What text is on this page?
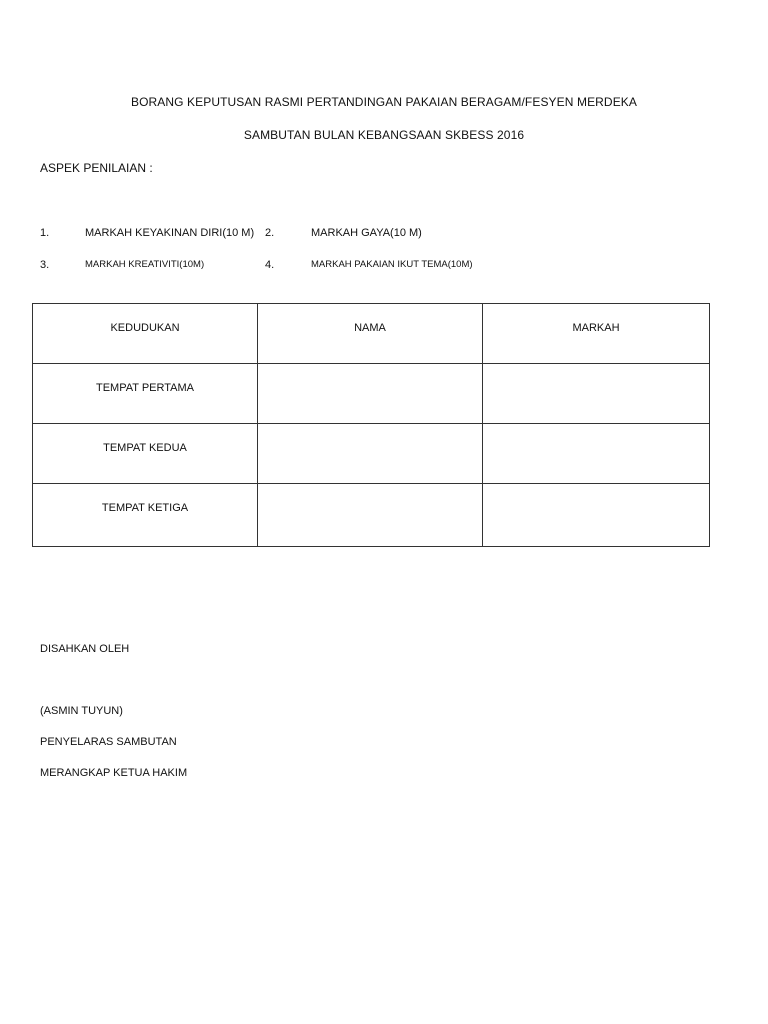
BORANG KEPUTUSAN RASMI PERTANDINGAN PAKAIAN BERAGAM/FESYEN MERDEKA
SAMBUTAN BULAN KEBANGSAAN SKBESS 2016
ASPEK PENILAIAN :
1.	MARKAH KEYAKINAN DIRI(10 M) 2.	MARKAH GAYA(10 M)
3.	MARKAH KREATIVITI(10M)	4.	MARKAH PAKAIAN IKUT TEMA(10M)
KEDUDUKAN	NAMA	MARKAH

TEMPAT PERTAMA		

TEMPAT KEDUA		

TEMPAT KETIGA		

DISAHKAN OLEH
(ASMIN TUYUN)
PENYELARAS SAMBUTAN
MERANGKAP KETUA HAKIM
